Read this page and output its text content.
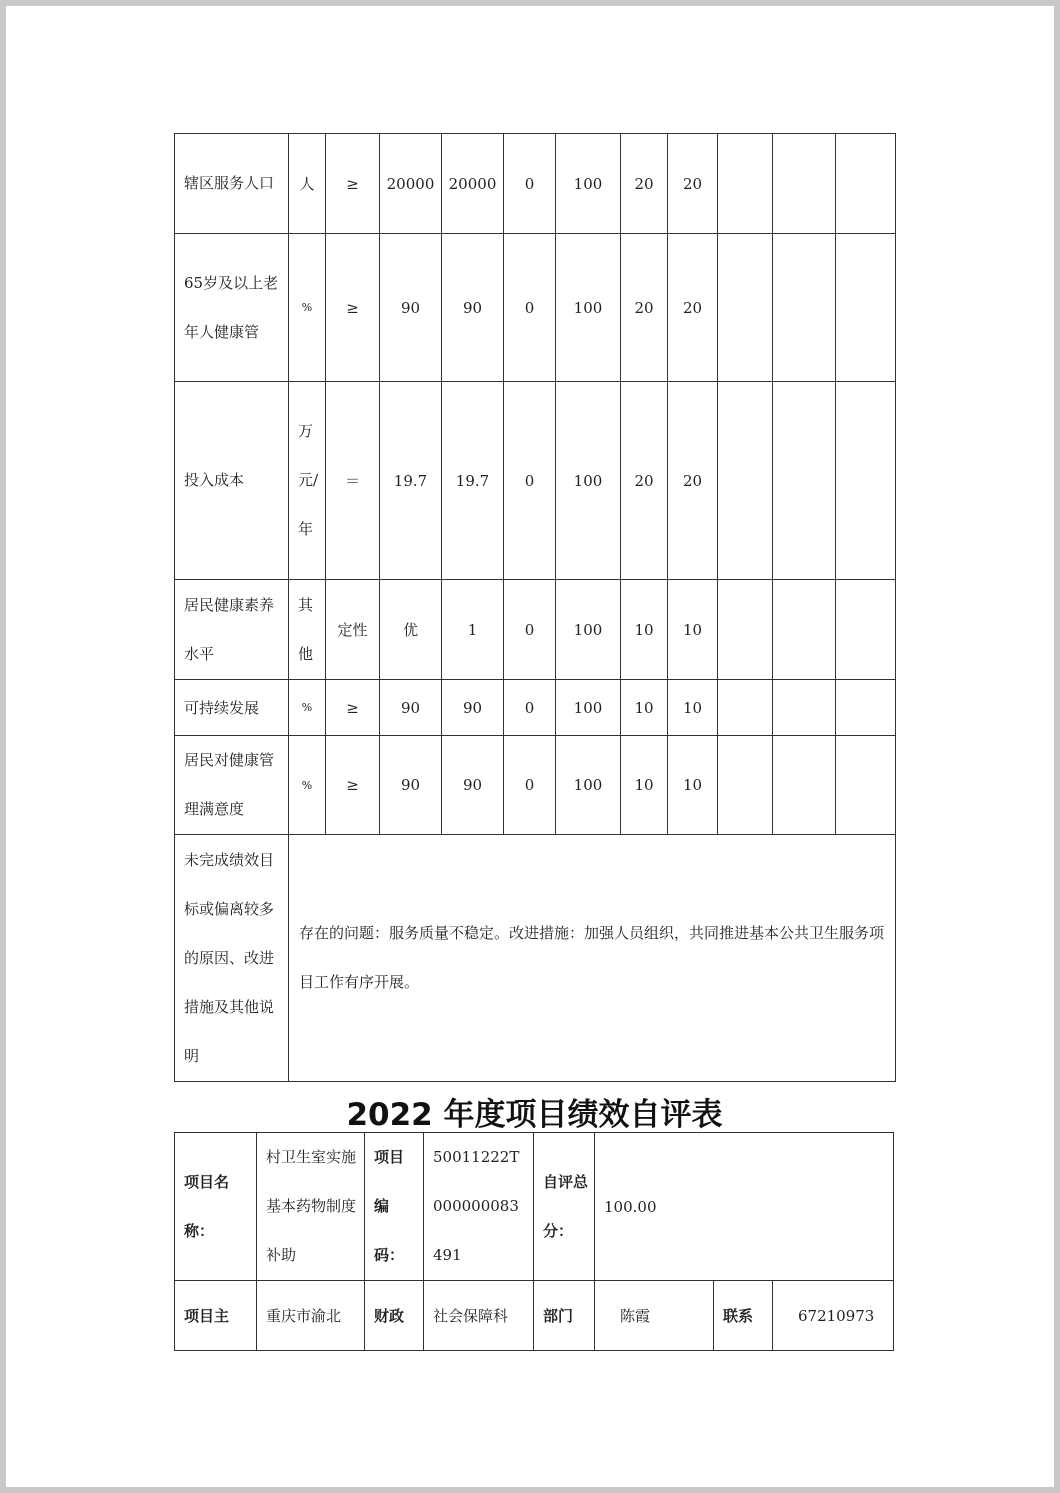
辖区服务人口	人	≥	20000	20000	0	100	20	20			
65岁及以上老年人健康管	%	≥	90	90	0	100	20	20			
投入成本	万元/年	＝	19.7	19.7	0	100	20	20			
居民健康素养水平	其他	定性	优	1	0	100	10	10			
可持续发展	%	≥	90	90	0	100	10	10			
居民对健康管理满意度	%	≥	90	90	0	100	10	10			
未完成绩效目标或偏离较多的原因、改进措施及其他说明	存在的问题：服务质量不稳定。改进措施：加强人员组织，共同推进基本公共卫生服务项目工作有序开展。										
2022 年度项目绩效自评表
项目名称：	村卫生室实施基本药物制度补助	项目编码：	50011222T000000083491	自评总分：	100.00		
项目主	重庆市渝北	财政	社会保障科	部门	陈霞	联系	67210973
